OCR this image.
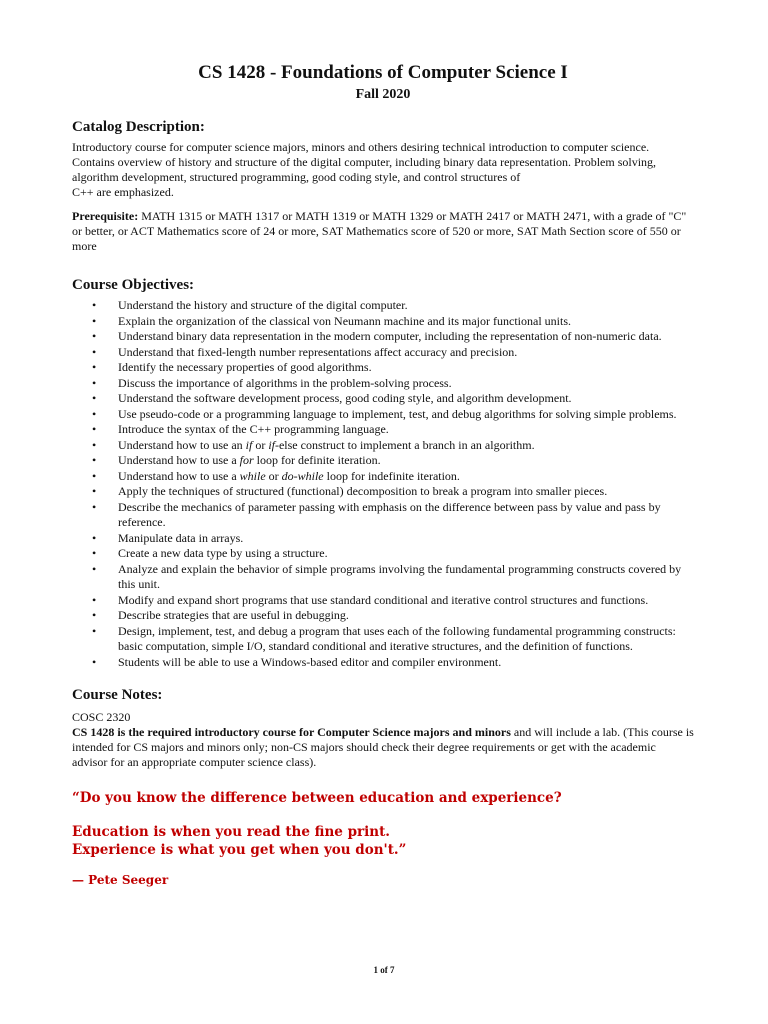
CS 1428 - Foundations of Computer Science I
Fall 2020
Catalog Description:

Introductory course for computer science majors, minors and others desiring technical introduction to computer science. Contains overview of history and structure of the digital computer, including binary data representation. Problem solving, algorithm development, structured programming, good coding style, and control structures of
C++ are emphasized.

Prerequisite: MATH 1315 or MATH 1317 or MATH 1319 or MATH 1329 or MATH 2417 or MATH 2471, with a grade of "C" or better, or ACT Mathematics score of 24 or more, SAT Mathematics score of 520 or more, SAT Math Section score of 550 or more

Course Objectives:
• Understand the history and structure of the digital computer.
• Explain the organization of the classical von Neumann machine and its major functional units.
• Understand binary data representation in the modern computer, including the representation of non-numeric data.
• Understand that fixed-length number representations affect accuracy and precision.
• Identify the necessary properties of good algorithms.
• Discuss the importance of algorithms in the problem-solving process.
• Understand the software development process, good coding style, and algorithm development.
• Use pseudo-code or a programming language to implement, test, and debug algorithms for solving simple problems.
• Introduce the syntax of the C++ programming language.
• Understand how to use an if or if-else construct to implement a branch in an algorithm.
• Understand how to use a for loop for definite iteration.
• Understand how to use a while or do-while loop for indefinite iteration.
• Apply the techniques of structured (functional) decomposition to break a program into smaller pieces.
• Describe the mechanics of parameter passing with emphasis on the difference between pass by value and pass by reference.
• Manipulate data in arrays.
• Create a new data type by using a structure.
• Analyze and explain the behavior of simple programs involving the fundamental programming constructs covered by this unit.
• Modify and expand short programs that use standard conditional and iterative control structures and functions.
• Describe strategies that are useful in debugging.
• Design, implement, test, and debug a program that uses each of the following fundamental programming constructs: basic computation, simple I/O, standard conditional and iterative structures, and the definition of functions.
• Students will be able to use a Windows-based editor and compiler environment.
Course Notes:

COSC 2320

CS 1428 is the required introductory course for Computer Science majors and minors and will include a lab. (This course is intended for CS majors and minors only; non-CS majors should check their degree requirements or get with the academic advisor for an appropriate computer science class).

“Do you know the difference between education and experience?
Education is when you read the fine print.
Experience is what you get when you don't.”
— Pete Seeger
1 of 7
